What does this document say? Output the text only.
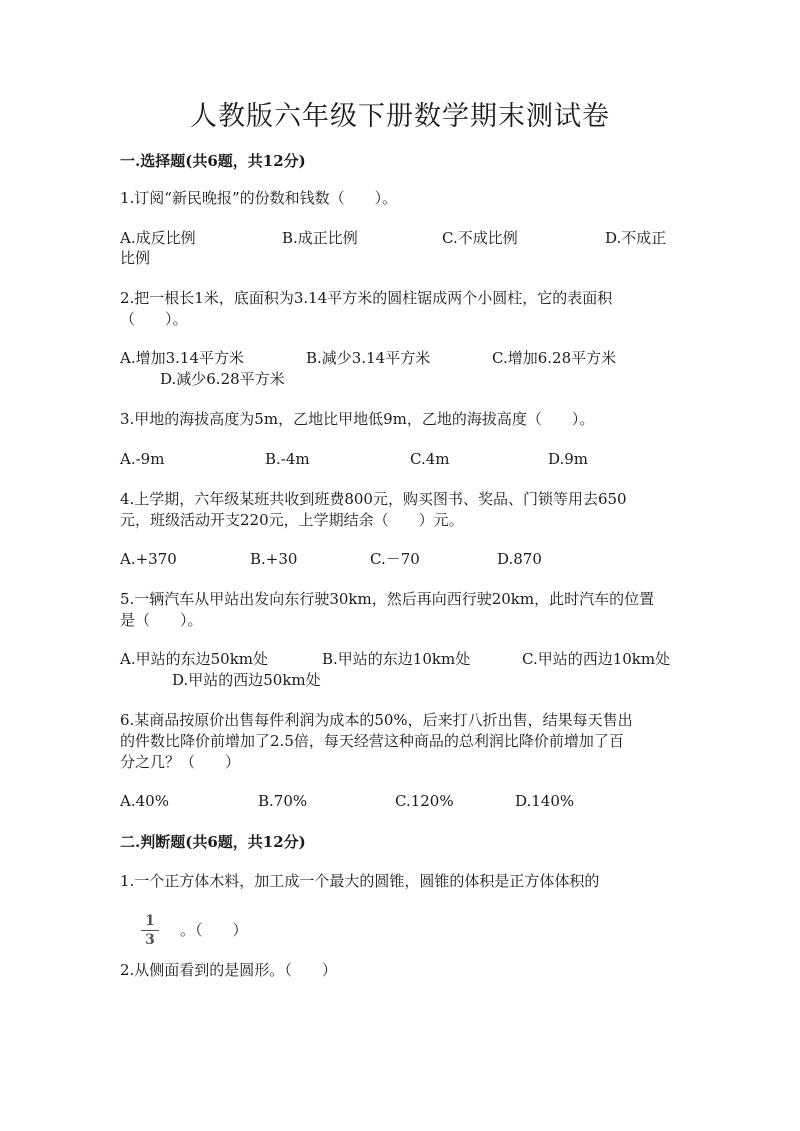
人教版六年级下册数学期末测试卷
一.选择题(共6题，共12分)
1.订阅“新民晚报”的份数和钱数（　　）。
A.成反比例	B.成正比例	C.不成比例	D.不成正
比例
2.把一根长1米，底面积为3.14平方米的圆柱锯成两个小圆柱，它的表面积
（　　）。
A.增加3.14平方米	B.减少3.14平方米	C.增加6.28平方米
D.减少6.28平方米
3.甲地的海拔高度为5m，乙地比甲地低9m，乙地的海拔高度（　　）。
A.-9m	B.-4m	C.4m	D.9m
4.上学期，六年级某班共收到班费800元，购买图书、奖品、门锁等用去650
元，班级活动开支220元，上学期结余（　　）元。
A.+370	B.+30	C.－70	D.870
5.一辆汽车从甲站出发向东行驶30km，然后再向西行驶20km，此时汽车的位置
是（　　）。
A.甲站的东边50km处	B.甲站的东边10km处	C.甲站的西边10km处
D.甲站的西边50km处
6.某商品按原价出售每件利润为成本的50%，后来打八折出售，结果每天售出
的件数比降价前增加了2.5倍，每天经营这种商品的总利润比降价前增加了百
分之几？（　　）
A.40%	B.70%	C.120%	D.140%
二.判断题(共6题，共12分)
1.一个正方体木料，加工成一个最大的圆锥，圆锥的体积是正方体体积的
1
3
。（　　）
2.从侧面看到的是圆形。（　　）
